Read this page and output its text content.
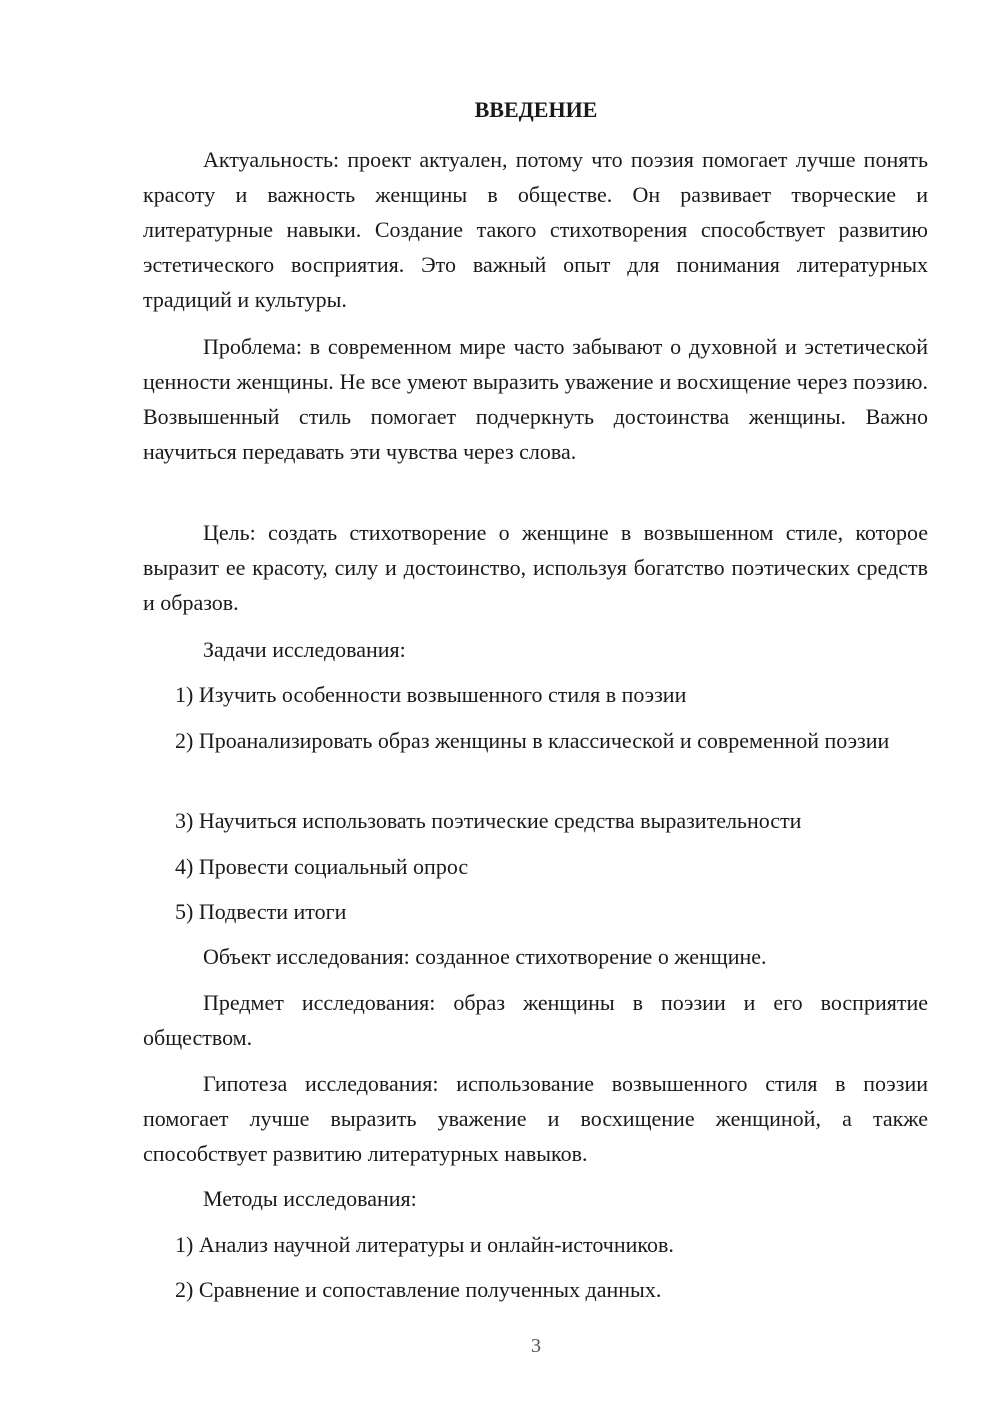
ВВЕДЕНИЕ

Актуальность: проект актуален, потому что поэзия помогает лучше понять красоту и важность женщины в обществе. Он развивает творческие и литературные навыки. Создание такого стихотворения способствует развитию эстетического восприятия. Это важный опыт для понимания литературных традиций и культуры.

Проблема: в современном мире часто забывают о духовной и эстетической ценности женщины. Не все умеют выразить уважение и восхищение через поэзию. Возвышенный стиль помогает подчеркнуть достоинства женщины. Важно научиться передавать эти чувства через слова.

Цель: создать стихотворение о женщине в возвышенном стиле, которое выразит ее красоту, силу и достоинство, используя богатство поэтических средств и образов.

Задачи исследования:

1) Изучить особенности возвышенного стиля в поэзии

2) Проанализировать образ женщины в классической и современной поэзии

3) Научиться использовать поэтические средства выразительности

4) Провести социальный опрос

5) Подвести итоги

Объект исследования: созданное стихотворение о женщине.

Предмет исследования: образ женщины в поэзии и его восприятие обществом.

Гипотеза исследования: использование возвышенного стиля в поэзии помогает лучше выразить уважение и восхищение женщиной, а также способствует развитию литературных навыков.

Методы исследования:

1) Анализ научной литературы и онлайн-источников.

2) Сравнение и сопоставление полученных данных.

3
